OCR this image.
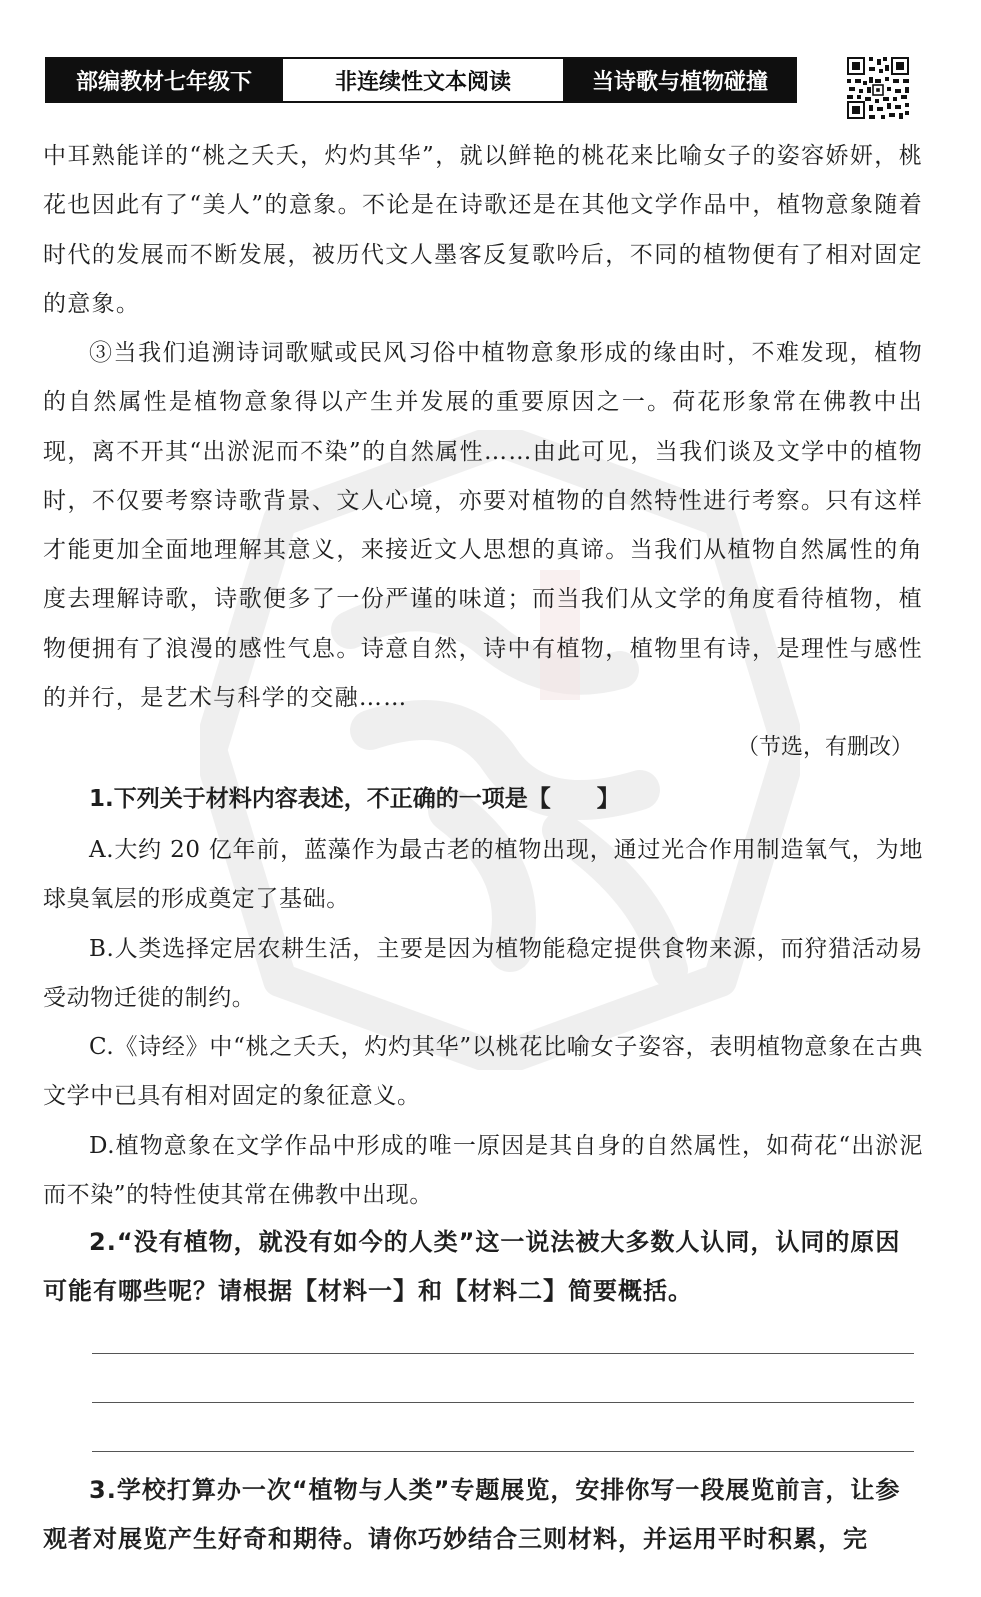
部编教材七年级下	非连续性文本阅读	当诗歌与植物碰撞

中耳熟能详的“桃之夭夭，灼灼其华”，就以鲜艳的桃花来比喻女子的姿容娇妍，桃花也因此有了“美人”的意象。不论是在诗歌还是在其他文学作品中，植物意象随着时代的发展而不断发展，被历代文人墨客反复歌吟后，不同的植物便有了相对固定的意象。

③当我们追溯诗词歌赋或民风习俗中植物意象形成的缘由时，不难发现，植物的自然属性是植物意象得以产生并发展的重要原因之一。荷花形象常在佛教中出现，离不开其“出淤泥而不染”的自然属性……由此可见，当我们谈及文学中的植物时，不仅要考察诗歌背景、文人心境，亦要对植物的自然特性进行考察。只有这样才能更加全面地理解其意义，来接近文人思想的真谛。当我们从植物自然属性的角度去理解诗歌，诗歌便多了一份严谨的味道；而当我们从文学的角度看待植物，植物便拥有了浪漫的感性气息。诗意自然，诗中有植物，植物里有诗，是理性与感性的并行，是艺术与科学的交融……

（节选，有删改）

1.下列关于材料内容表述，不正确的一项是【　　】

A.大约 20 亿年前，蓝藻作为最古老的植物出现，通过光合作用制造氧气，为地球臭氧层的形成奠定了基础。

B.人类选择定居农耕生活，主要是因为植物能稳定提供食物来源，而狩猎活动易受动物迁徙的制约。

C.《诗经》中“桃之夭夭，灼灼其华”以桃花比喻女子姿容，表明植物意象在古典文学中已具有相对固定的象征意义。

D.植物意象在文学作品中形成的唯一原因是其自身的自然属性，如荷花“出淤泥而不染”的特性使其常在佛教中出现。

2.“没有植物，就没有如今的人类”这一说法被大多数人认同，认同的原因可能有哪些呢？请根据【材料一】和【材料二】简要概括。

3.学校打算办一次“植物与人类”专题展览，安排你写一段展览前言，让参观者对展览产生好奇和期待。请你巧妙结合三则材料，并运用平时积累，完
